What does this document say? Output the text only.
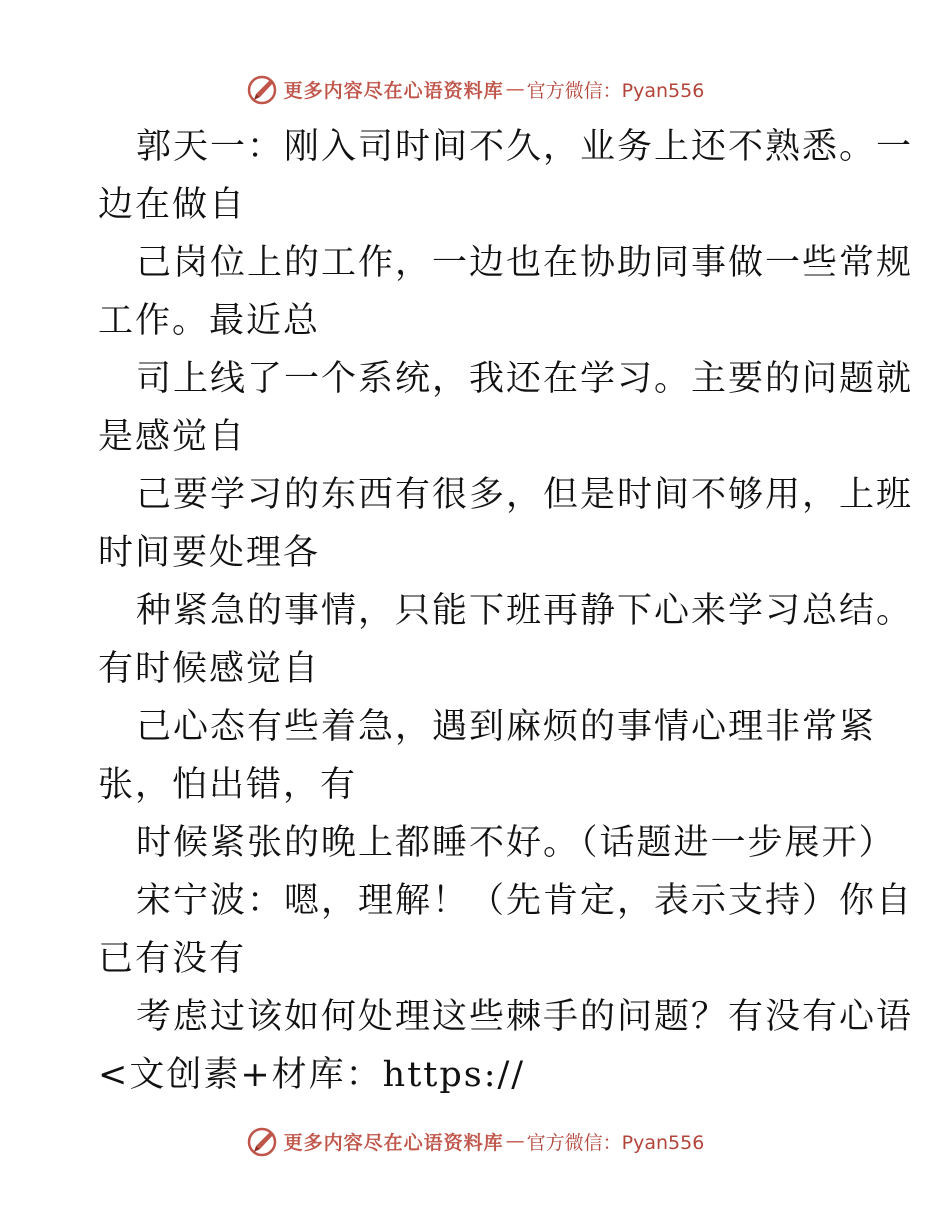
更多内容尽在心语资料库 — 官方微信：Pyan556

郭天一：刚入司时间不久，业务上还不熟悉。一

边在做自

己岗位上的工作，一边也在协助同事做一些常规

工作。最近总

司上线了一个系统，我还在学习。主要的问题就

是感觉自

己要学习的东西有很多，但是时间不够用，上班

时间要处理各

种紧急的事情，只能下班再静下心来学习总结。

有时候感觉自

己心态有些着急，遇到麻烦的事情心理非常紧

张，怕出错，有

时候紧张的晚上都睡不好。（话题进一步展开）

宋宁波：嗯，理解！（先肯定，表示支持）你自

已有没有

考虑过该如何处理这些棘手的问题？有没有心语

<文创素+材库：https://

更多内容尽在心语资料库 — 官方微信：Pyan556
